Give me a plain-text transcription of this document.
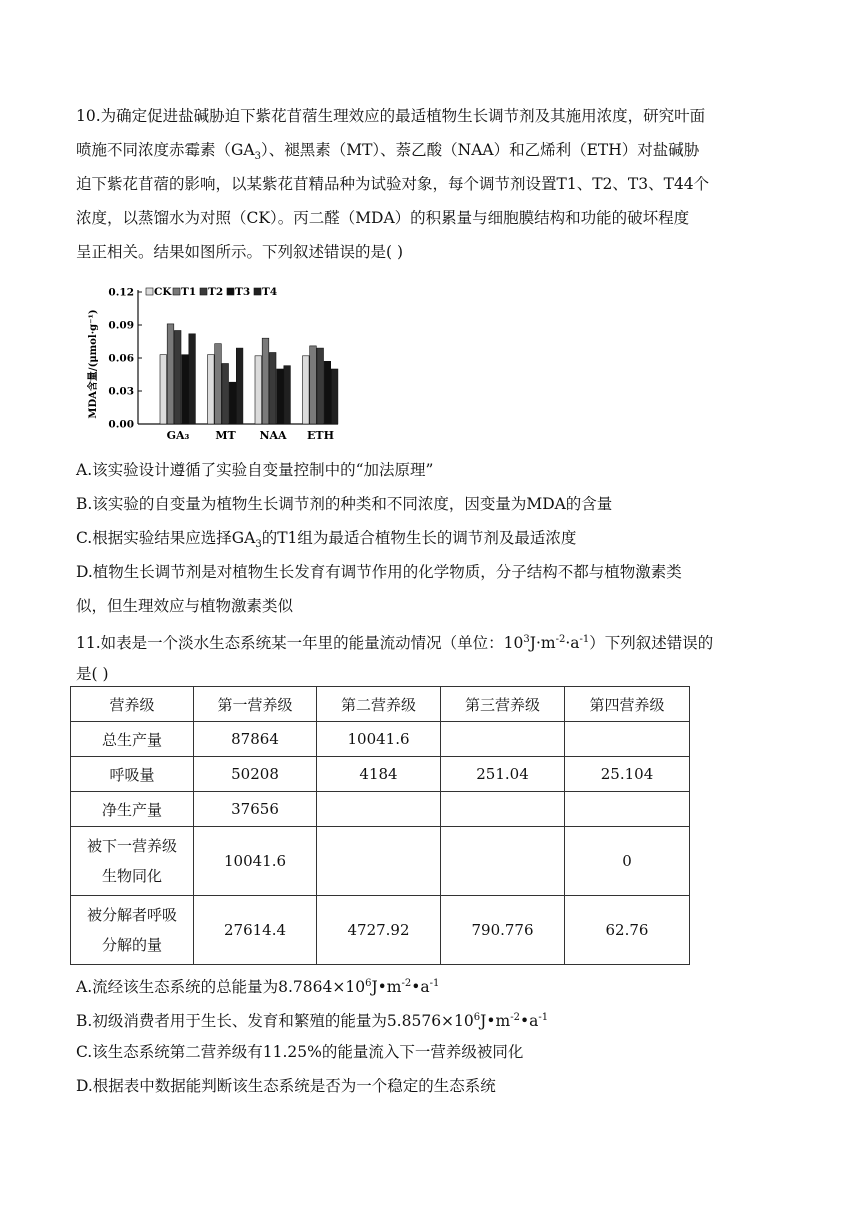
10.为确定促进盐碱胁迫下紫花苜蓿生理效应的最适植物生长调节剂及其施用浓度，研究叶面
喷施不同浓度赤霉素$(GA_3)$、褪黑素（MT）、萘乙酸（NAA）和乙烯利（ETH）对盐碱胁
迫下紫花苜蓿的影响，以某紫花苜精品种为试验对象，每个调节剂设置T1、T2、T3、T44个
浓度，以蒸馏水为对照（CK）。丙二醛（MDA）的积累量与细胞膜结构和功能的破坏程度
呈正相关。结果如图所示。下列叙述错误的是( )
0.00
0.03
0.06
0.09
0.12
GA₃ MT NAA ETH
CK T1 T2 T3 T4
MDA含量/(μmol·g⁻¹)
A.该实验设计遵循了实验自变量控制中的“加法原理”
B.该实验的自变量为植物生长调节剂的种类和不同浓度，因变量为MDA的含量
C.根据实验结果应选择$GA_3$的T1组为最适合植物生长的调节剂及最适浓度
D.植物生长调节剂是对植物生长发育有调节作用的化学物质，分子结构不都与植物激素类
似，但生理效应与植物激素类似
11.如表是一个淡水生态系统某一年里的能量流动情况（单位：$10^3J\cdot m^{-2}\cdot a^{-1}$）下列叙述错误的
是( )
营养级	第一营养级	第二营养级	第三营养级	第四营养级
总生产量	87864	10041.6		
呼吸量	50208	4184	251.04	25.104
净生产量	37656			
被下一营养级
生物同化	10041.6			0
被分解者呼吸
分解的量	27614.4	4727.92	790.776	62.76
A.流经该生态系统的总能量为$8.7864\times 10^6J•m^{-2}•a^{-1}$
B.初级消费者用于生长、发育和繁殖的能量为$5.8576\times 10^6J•m^{-2}•a^{-1}$
C.该生态系统第二营养级有11.25%的能量流入下一营养级被同化
D.根据表中数据能判断该生态系统是否为一个稳定的生态系统
